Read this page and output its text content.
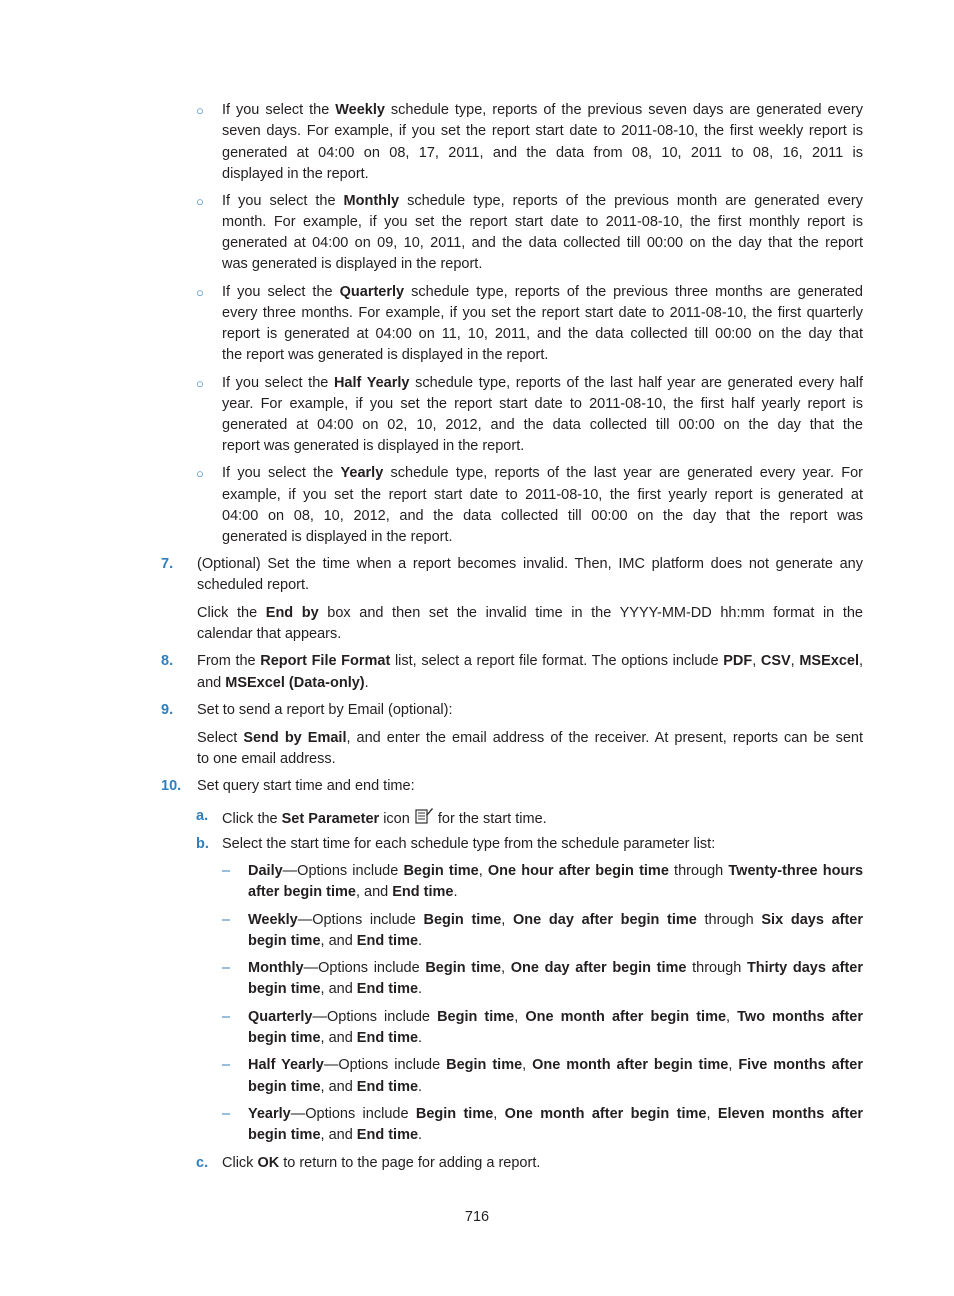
○ If you select the Weekly schedule type, reports of the previous seven days are generated every
seven days. For example, if you set the report start date to 2011-08-10, the first weekly report is
generated at 04:00 on 08, 17, 2011, and the data from 08, 10, 2011 to 08, 16, 2011 is
displayed in the report.
○ If you select the Monthly schedule type, reports of the previous month are generated every
month. For example, if you set the report start date to 2011-08-10, the first monthly report is
generated at 04:00 on 09, 10, 2011, and the data collected till 00:00 on the day that the report
was generated is displayed in the report.
○ If you select the Quarterly schedule type, reports of the previous three months are generated
every three months. For example, if you set the report start date to 2011-08-10, the first quarterly
report is generated at 04:00 on 11, 10, 2011, and the data collected till 00:00 on the day that
the report was generated is displayed in the report.
○ If you select the Half Yearly schedule type, reports of the last half year are generated every half
year. For example, if you set the report start date to 2011-08-10, the first half yearly report is
generated at 04:00 on 02, 10, 2012, and the data collected till 00:00 on the day that the
report was generated is displayed in the report.
○ If you select the Yearly schedule type, reports of the last year are generated every year. For
example, if you set the report start date to 2011-08-10, the first yearly report is generated at
04:00 on 08, 10, 2012, and the data collected till 00:00 on the day that the report was
generated is displayed in the report.
7. (Optional) Set the time when a report becomes invalid. Then, IMC platform does not generate any
scheduled report.
Click the End by box and then set the invalid time in the YYYY-MM-DD hh:mm format in the
calendar that appears.
8. From the Report File Format list, select a report file format. The options include PDF, CSV, MSExcel,
and MSExcel (Data-only).
9. Set to send a report by Email (optional):
Select Send by Email, and enter the email address of the receiver. At present, reports can be sent
to one email address.
10. Set query start time and end time:
a. Click the Set Parameter icon  for the start time.
b. Select the start time for each schedule type from the schedule parameter list:
– Daily—Options include Begin time, One hour after begin time through Twenty-three hours
after begin time, and End time.
– Weekly—Options include Begin time, One day after begin time through Six days after
begin time, and End time.
– Monthly—Options include Begin time, One day after begin time through Thirty days after
begin time, and End time.
– Quarterly—Options include Begin time, One month after begin time, Two months after
begin time, and End time.
– Half Yearly—Options include Begin time, One month after begin time, Five months after
begin time, and End time.
– Yearly—Options include Begin time, One month after begin time, Eleven months after
begin time, and End time.
c. Click OK to return to the page for adding a report.
716
